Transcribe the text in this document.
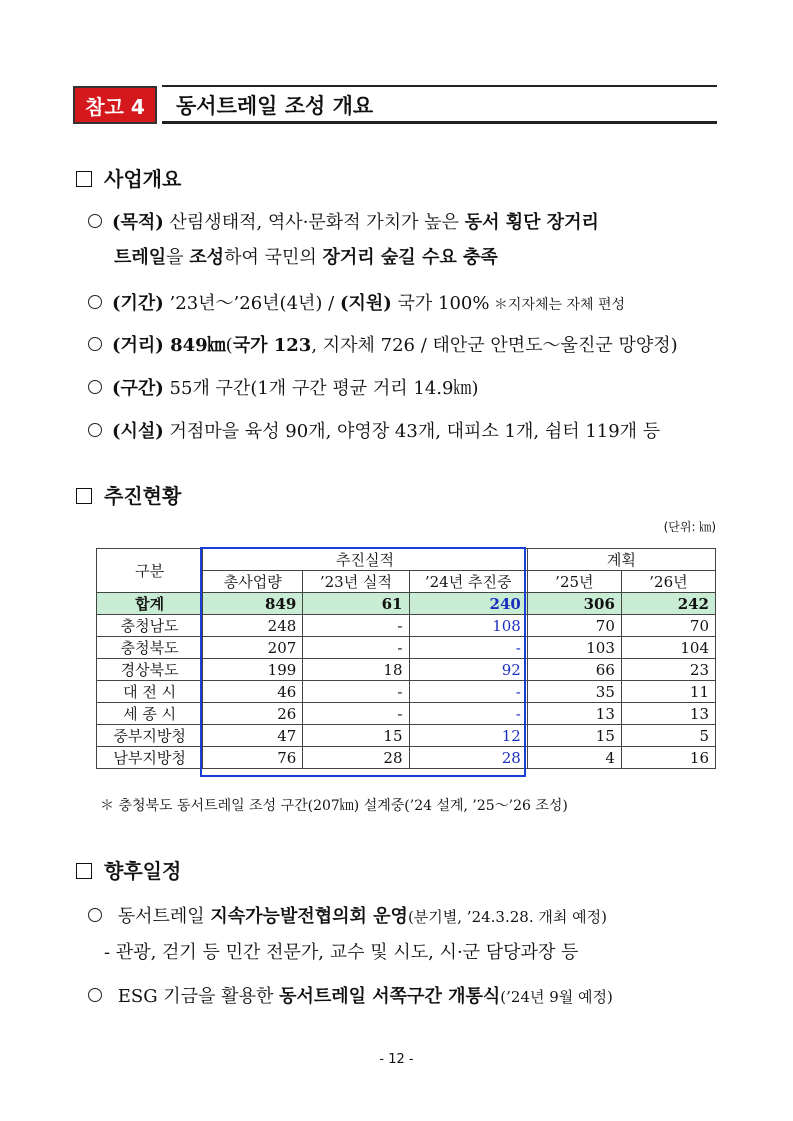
참고 4	동서트레일 조성 개요
사업개요
(목적) 산림생태적, 역사·문화적 가치가 높은 동서 횡단 장거리
트레일을 조성하여 국민의 장거리 숲길 수요 충족
(기간) ’23년～’26년(4년) / (지원) 국가 100% ＊지자체는 자체 편성
(거리) 849㎞(국가 123, 지자체 726 / 태안군 안면도～울진군 망양정)
(구간) 55개 구간(1개 구간 평균 거리 14.9㎞)
(시설) 거점마을 육성 90개, 야영장 43개, 대피소 1개, 쉼터 119개 등
추진현황
(단위: ㎞)
구분	추진실적			계획	
	총사업량	’23년 실적	’24년 추진중	’25년	’26년
합계	849	61	240	306	242
충청남도	248	-	108	70	70
충청북도	207	-	-	103	104
경상북도	199	18	92	66	23
대 전 시	46	-	-	35	11
세 종 시	26	-	-	13	13
중부지방청	47	15	12	15	5
남부지방청	76	28	28	4	16
＊ 충청북도 동서트레일 조성 구간(207㎞) 설계중(’24 설계, ’25～’26 조성)
향후일정
동서트레일 지속가능발전협의회 운영(분기별, ’24.3.28. 개최 예정)
- 관광, 걷기 등 민간 전문가, 교수 및 시도, 시·군 담당과장 등
ESG 기금을 활용한 동서트레일 서쪽구간 개통식(’24년 9월 예정)
- 12 -
